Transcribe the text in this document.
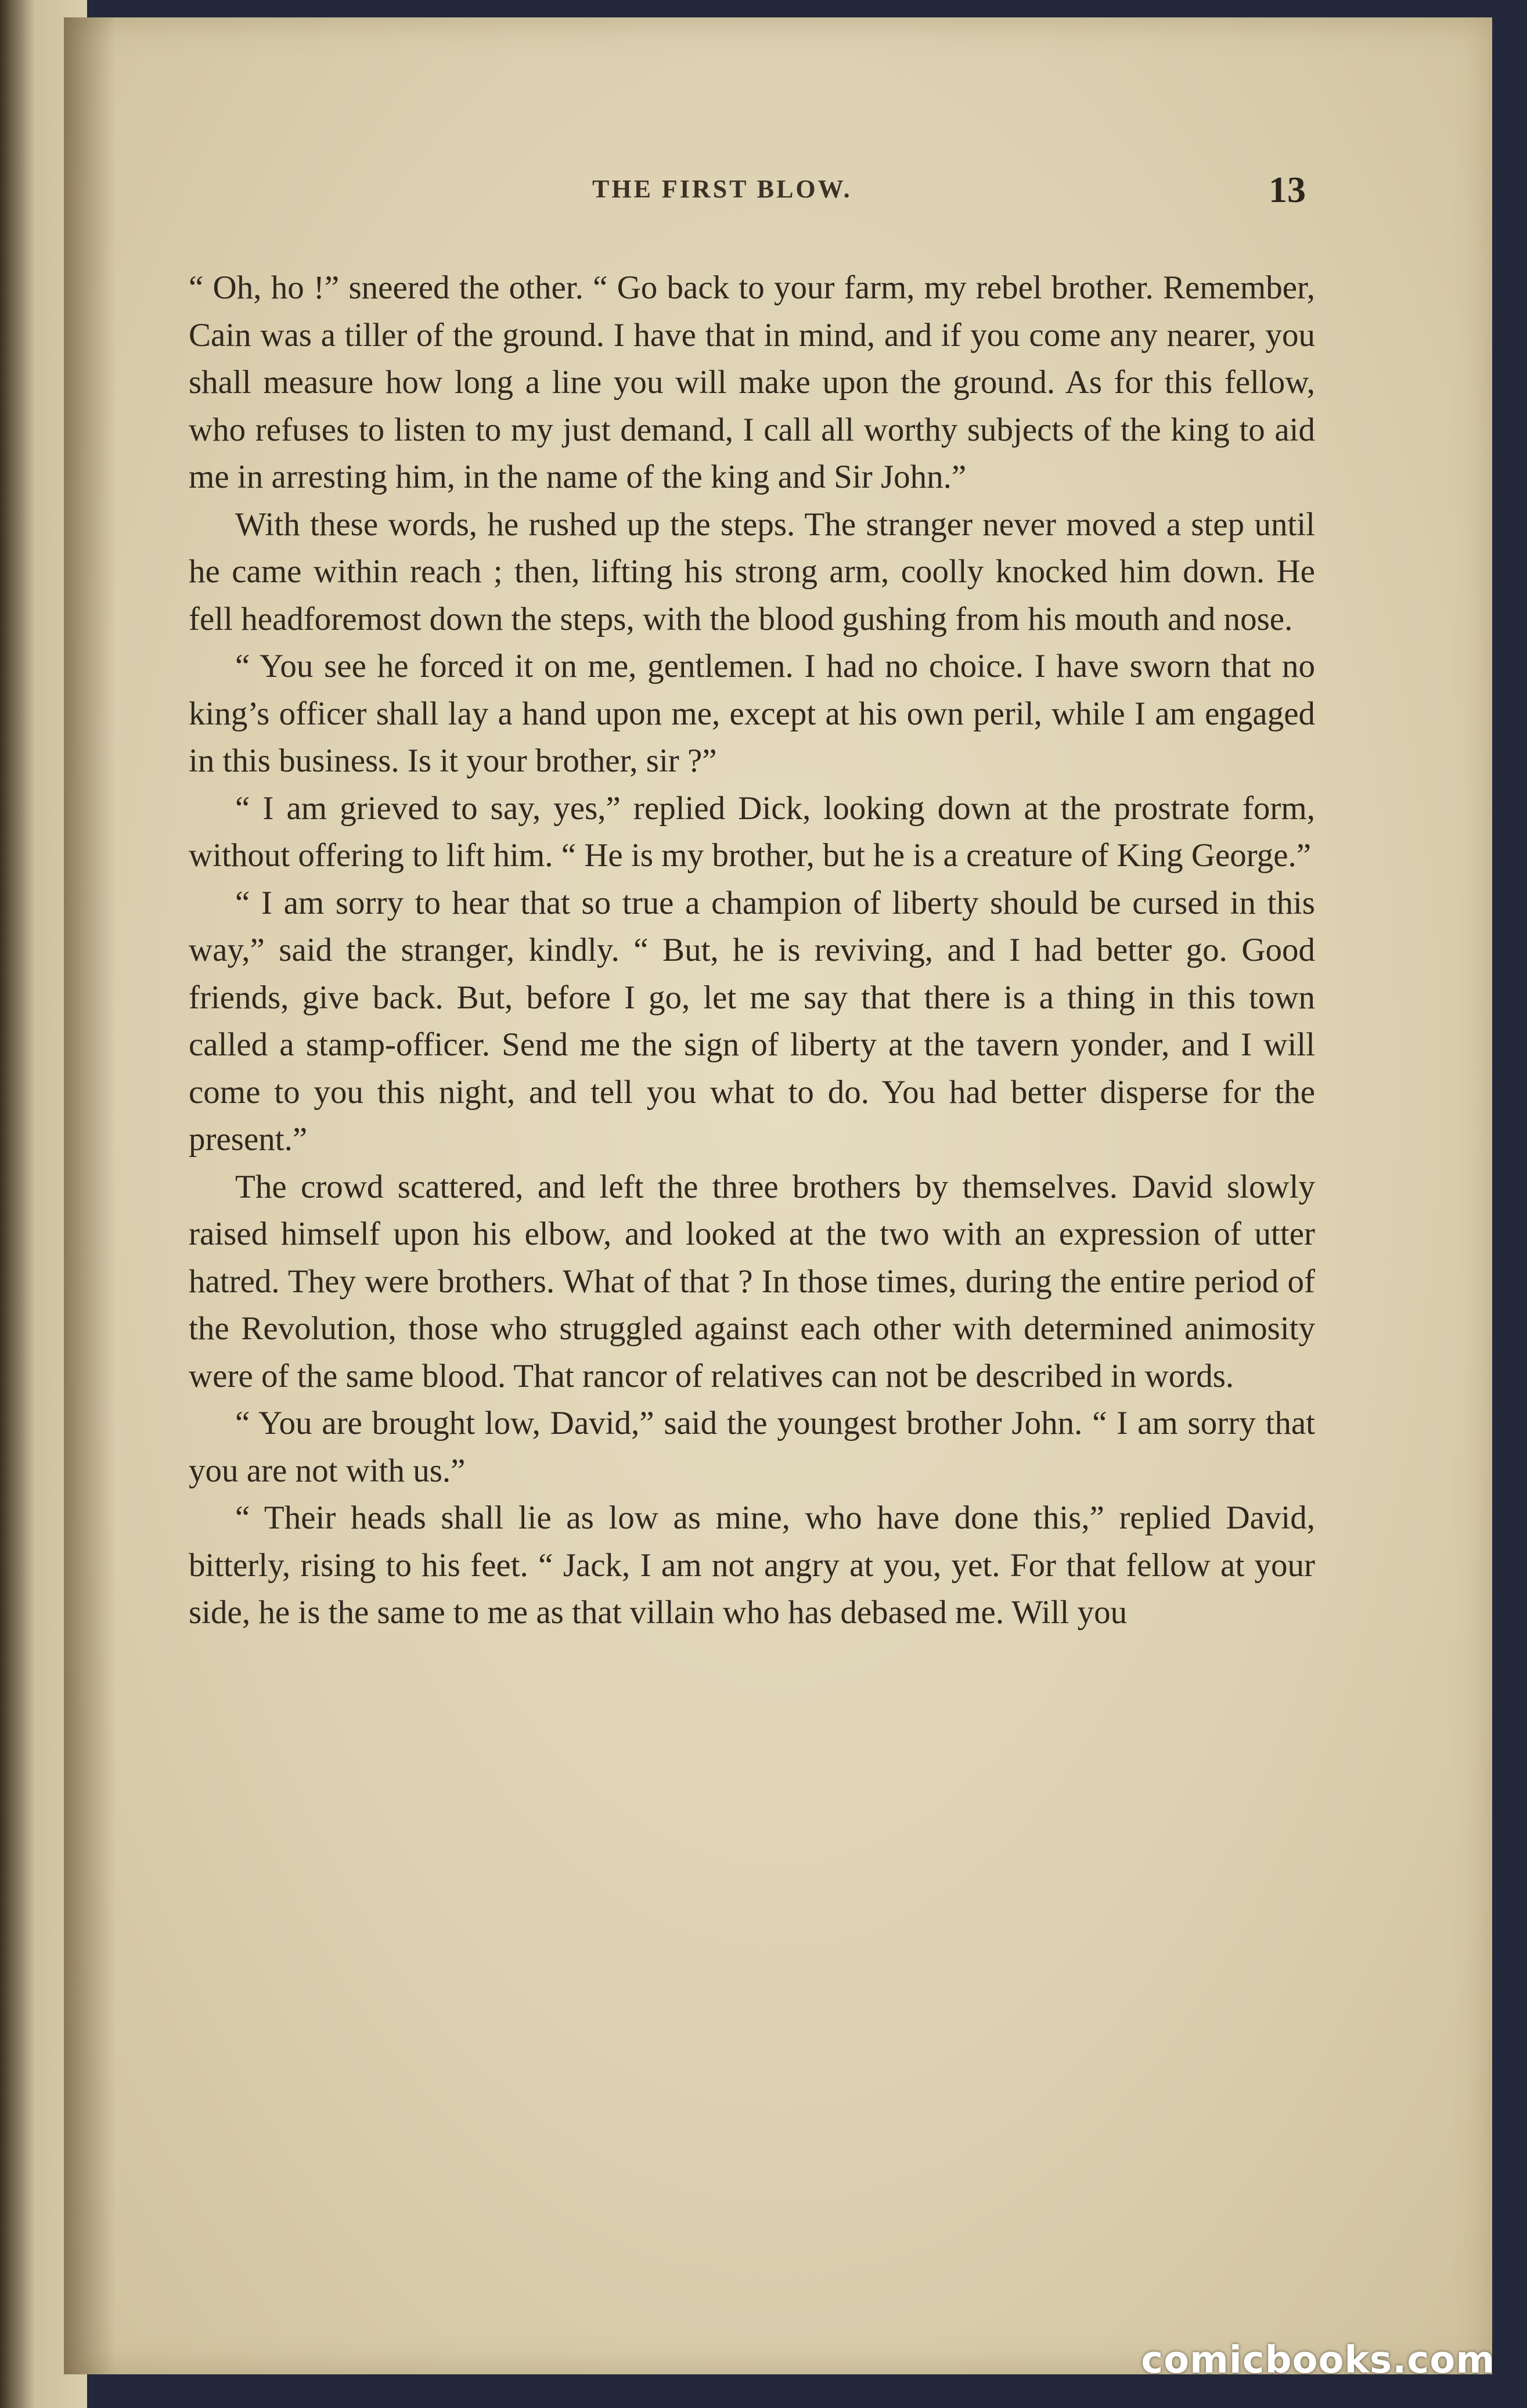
THE FIRST BLOW.	13

“ Oh, ho !” sneered the other. “ Go back to your farm, my rebel brother. Remember, Cain was a tiller of the ground. I have that in mind, and if you come any nearer, you shall measure how long a line you will make upon the ground. As for this fellow, who refuses to listen to my just demand, I call all worthy subjects of the king to aid me in arresting him, in the name of the king and Sir John.”

With these words, he rushed up the steps. The stranger never moved a step until he came within reach ; then, lifting his strong arm, coolly knocked him down. He fell headforemost down the steps, with the blood gushing from his mouth and nose.

“ You see he forced it on me, gentlemen. I had no choice. I have sworn that no king’s officer shall lay a hand upon me, except at his own peril, while I am engaged in this business. Is it your brother, sir ?”

“ I am grieved to say, yes,” replied Dick, looking down at the prostrate form, without offering to lift him. “ He is my brother, but he is a creature of King George.”

“ I am sorry to hear that so true a champion of liberty should be cursed in this way,” said the stranger, kindly. “ But, he is reviving, and I had better go. Good friends, give back. But, before I go, let me say that there is a thing in this town called a stamp-officer. Send me the sign of liberty at the tavern yonder, and I will come to you this night, and tell you what to do. You had better disperse for the present.”

The crowd scattered, and left the three brothers by themselves. David slowly raised himself upon his elbow, and looked at the two with an expression of utter hatred. They were brothers. What of that ? In those times, during the entire period of the Revolution, those who struggled against each other with determined animosity were of the same blood. That rancor of relatives can not be described in words.

“ You are brought low, David,” said the youngest brother John. “ I am sorry that you are not with us.”

“ Their heads shall lie as low as mine, who have done this,” replied David, bitterly, rising to his feet. “ Jack, I am not angry at you, yet. For that fellow at your side, he is the same to me as that villain who has debased me. Will you

comicbooks.com
